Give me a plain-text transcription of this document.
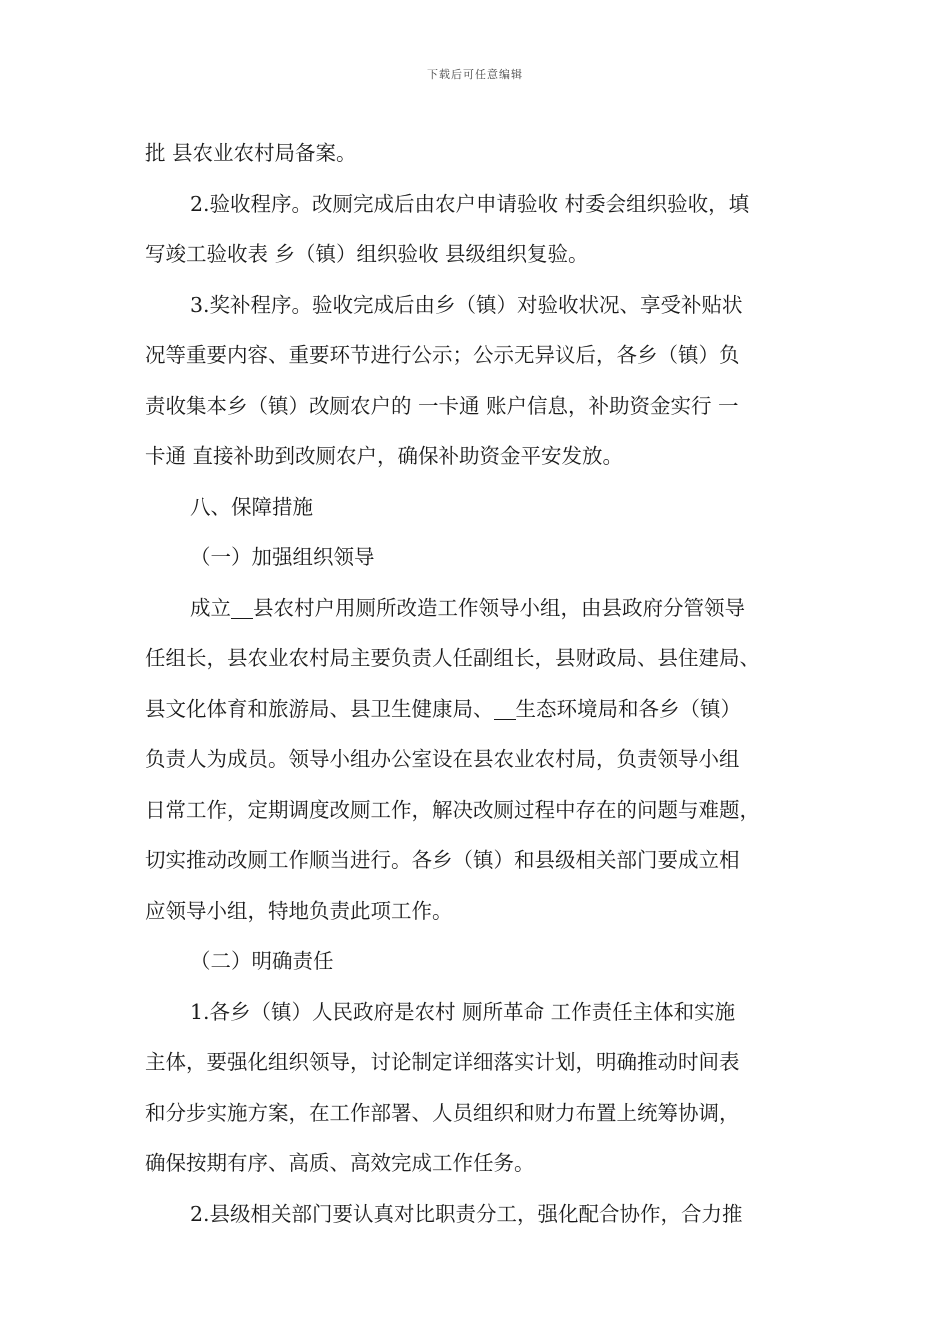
下载后可任意编辑
批 县农业农村局备案。
2.验收程序。改厕完成后由农户申请验收 村委会组织验收，填
写竣工验收表 乡（镇）组织验收 县级组织复验。
3.奖补程序。验收完成后由乡（镇）对验收状况、享受补贴状
况等重要内容、重要环节进行公示；公示无异议后，各乡（镇）负
责收集本乡（镇）改厕农户的 一卡通 账户信息，补助资金实行 一
卡通 直接补助到改厕农户，确保补助资金平安发放。
八、保障措施
（一）加强组织领导
成立 县农村户用厕所改造工作领导小组，由县政府分管领导
任组长，县农业农村局主要负责人任副组长，县财政局、县住建局、
县文化体育和旅游局、县卫生健康局、 生态环境局和各乡（镇）
负责人为成员。领导小组办公室设在县农业农村局，负责领导小组
日常工作，定期调度改厕工作，解决改厕过程中存在的问题与难题，
切实推动改厕工作顺当进行。各乡（镇）和县级相关部门要成立相
应领导小组，特地负责此项工作。
（二）明确责任
1.各乡（镇）人民政府是农村 厕所革命 工作责任主体和实施
主体，要强化组织领导，讨论制定详细落实计划，明确推动时间表
和分步实施方案，在工作部署、人员组织和财力布置上统筹协调，
确保按期有序、高质、高效完成工作任务。
2.县级相关部门要认真对比职责分工，强化配合协作，合力推
